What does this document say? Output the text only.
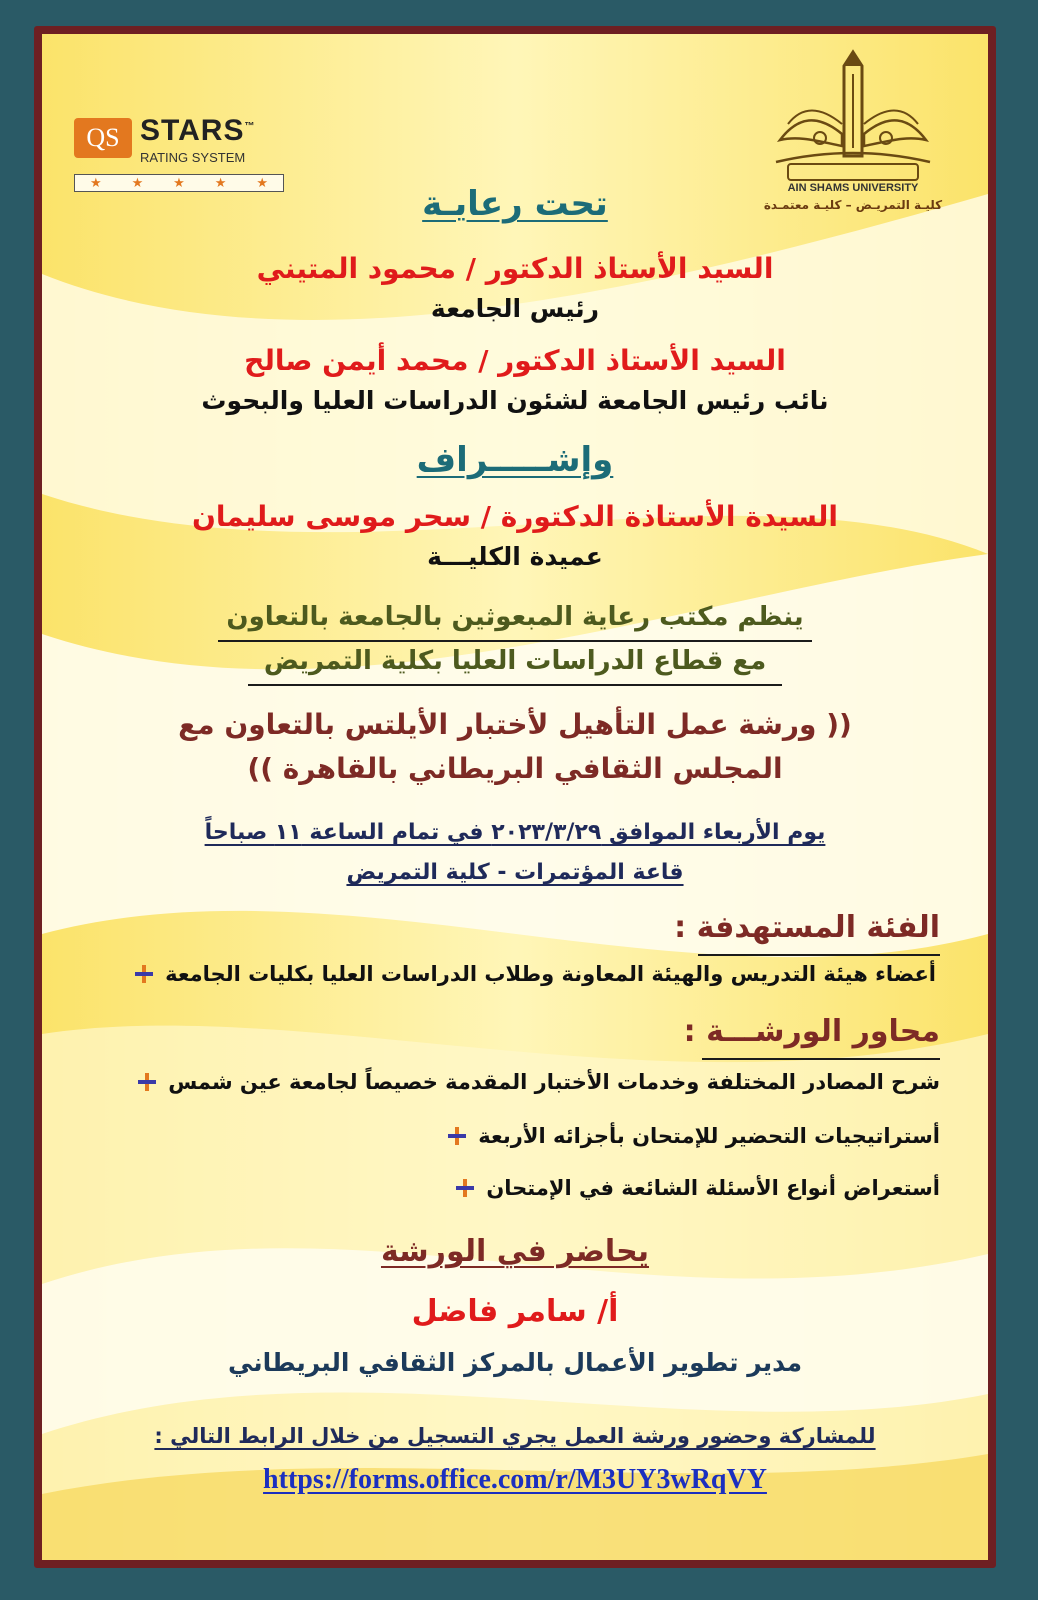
QS STARS™
RATING SYSTEM
★ ★ ★ ★ ★	AIN SHAMS UNIVERSITY
كليـة التمريـض – كليـة معتمـدة
تحت رعايـة
السيد الأستاذ الدكتور / محمود المتيني
رئيس الجامعة
السيد الأستاذ الدكتور / محمد أيمن صالح
نائب رئيس الجامعة لشئون الدراسات العليا والبحوث
وإشـــــراف
السيدة الأستاذة الدكتورة / سحر موسى سليمان
عميدة الكليـــة
ينظم مكتب رعاية المبعوثين بالجامعة بالتعاون
مع قطاع الدراسات العليا بكلية التمريض
(( ورشة عمل التأهيل لأختبار الأيلتس بالتعاون مع
المجلس الثقافي البريطاني بالقاهرة ))
يوم الأربعاء الموافق ٢٠٢٣/٣/٢٩ في تمام الساعة ١١ صباحاً
قاعة المؤتمرات - كلية التمريض
الفئة المستهدفة :
أعضاء هيئة التدريس والهيئة المعاونة وطلاب الدراسات العليا بكليات الجامعة
محاور الورشـــة :
شرح المصادر المختلفة وخدمات الأختبار المقدمة خصيصاً لجامعة عين شمس
أستراتيجيات التحضير للإمتحان بأجزائه الأربعة
أستعراض أنواع الأسئلة الشائعة في الإمتحان
يحاضر في الورشة
أ/ سامر فاضل
مدير تطوير الأعمال بالمركز الثقافي البريطاني
للمشاركة وحضور ورشة العمل يجري التسجيل من خلال الرابط التالي :
https://forms.office.com/r/M3UY3wRqVY
